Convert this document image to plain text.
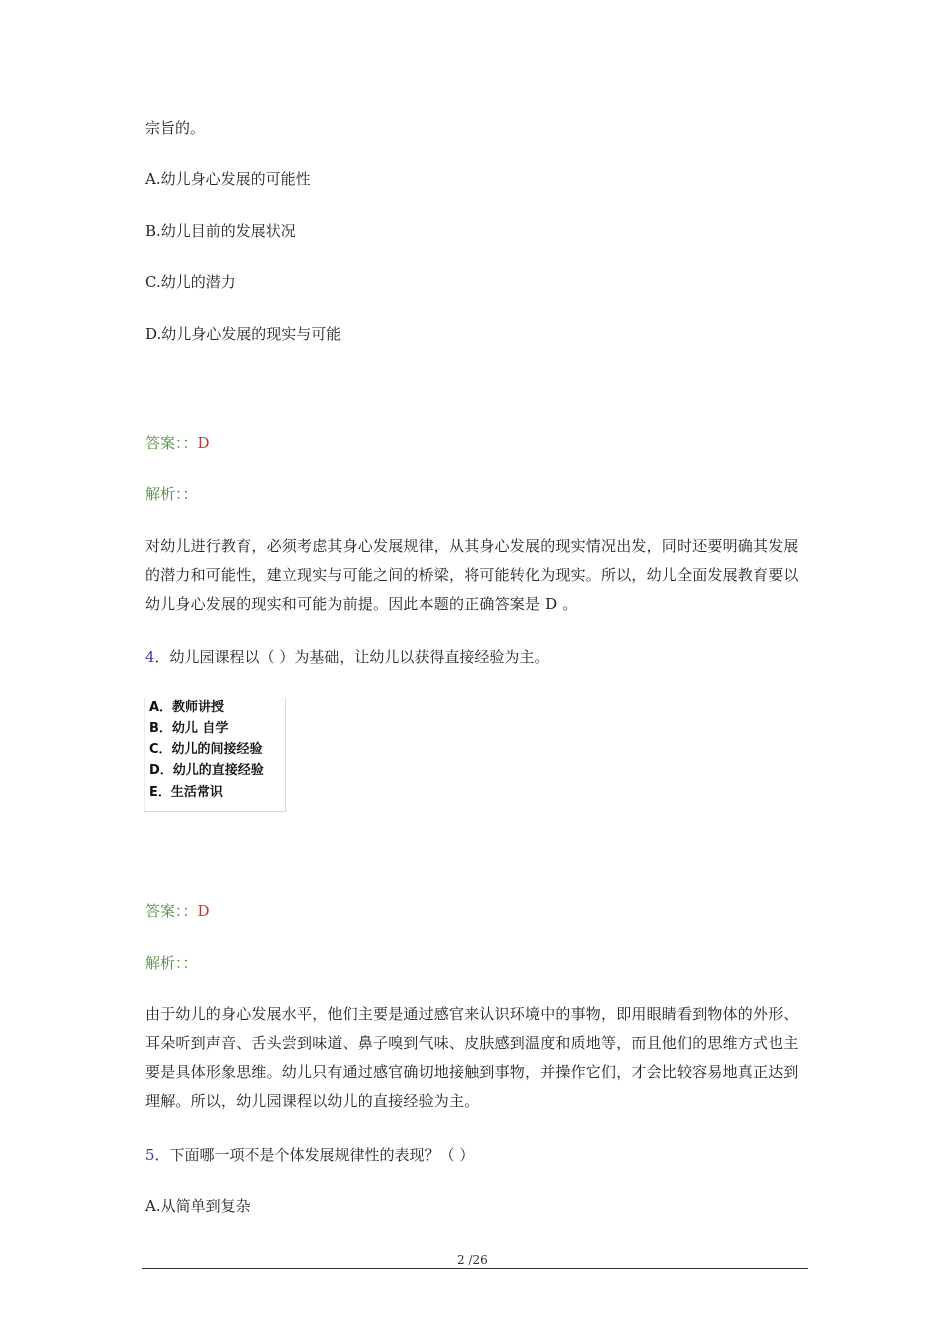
宗旨的。
A.幼儿身心发展的可能性
B.幼儿目前的发展状况
C.幼儿的潜力
D.幼儿身心发展的现实与可能
答案：：D
解析：：
对幼儿进行教育，必须考虑其身心发展规律，从其身心发展的现实情况出发，同时还要明确其发展的潜力和可能性，建立现实与可能之间的桥梁，将可能转化为现实。所以，幼儿全面发展教育要以幼儿身心发展的现实和可能为前提。因此本题的正确答案是 D 。
4．幼儿园课程以（ ）为基础，让幼儿以获得直接经验为主。
A．教师讲授
B．幼儿 自学
C．幼儿的间接经验
D．幼儿的直接经验
E．生活常识
答案：：D
解析：：
由于幼儿的身心发展水平，他们主要是通过感官来认识环境中的事物，即用眼睛看到物体的外形、耳朵听到声音、舌头尝到味道、鼻子嗅到气味、皮肤感到温度和质地等，而且他们的思维方式也主要是具体形象思维。幼儿只有通过感官确切地接触到事物，并操作它们，才会比较容易地真正达到理解。所以，幼儿园课程以幼儿的直接经验为主。
5．下面哪一项不是个体发展规律性的表现？（ ）
A.从简单到复杂
2 /26
